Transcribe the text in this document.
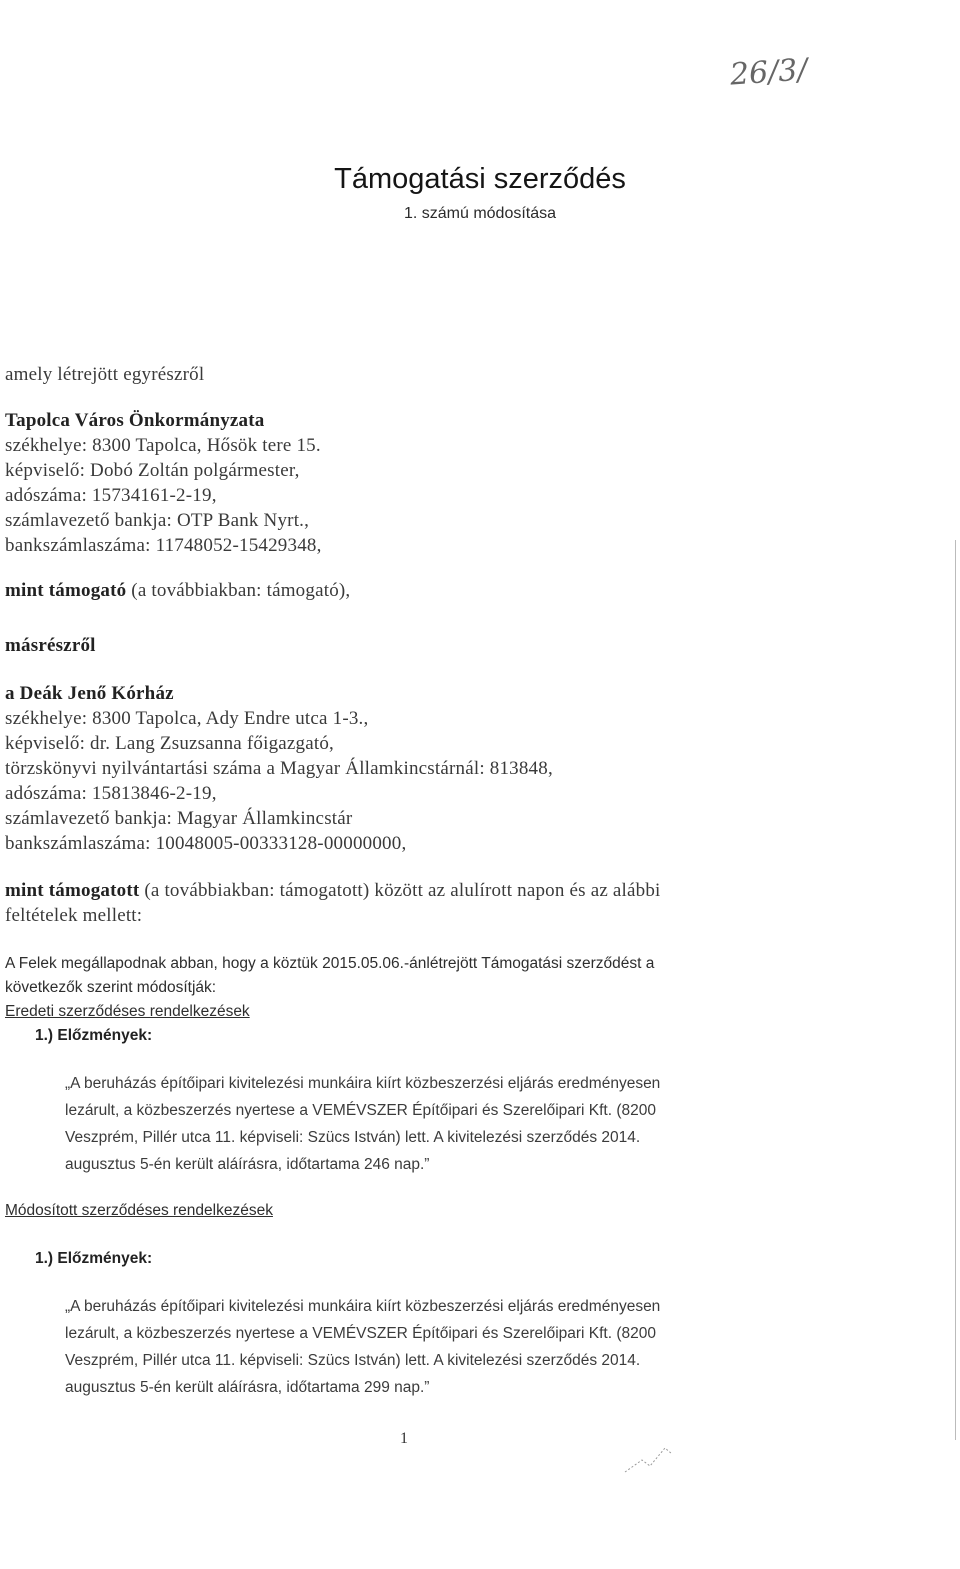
26/3/
Támogatási szerződés
1. számú módosítása
amely létrejött egyrészről
Tapolca Város Önkormányzata
székhelye: 8300 Tapolca, Hősök tere 15.
képviselő: Dobó Zoltán polgármester,
adószáma: 15734161-2-19,
számlavezető bankja: OTP Bank Nyrt.,
bankszámlaszáma: 11748052-15429348,
mint támogató (a továbbiakban: támogató),
másrészről
a Deák Jenő Kórház
székhelye: 8300 Tapolca, Ady Endre utca 1-3.,
képviselő: dr. Lang Zsuzsanna főigazgató,
törzskönyvi nyilvántartási száma a Magyar Államkincstárnál: 813848,
adószáma: 15813846-2-19,
számlavezető bankja: Magyar Államkincstár
bankszámlaszáma: 10048005-00333128-00000000,
mint támogatott (a továbbiakban: támogatott) között az alulírott napon és az alábbi
feltételek mellett:
A Felek megállapodnak abban, hogy a köztük 2015.05.06.-ánlétrejött Támogatási szerződést a
következők szerint módosítják:
Eredeti szerződéses rendelkezések
1.) Előzmények:
„A beruházás építőipari kivitelezési munkáira kiírt közbeszerzési eljárás eredményesen
lezárult, a közbeszerzés nyertese a VEMÉVSZER Építőipari és Szerelőipari Kft. (8200
Veszprém, Pillér utca 11. képviseli: Szücs István) lett. A kivitelezési szerződés 2014.
augusztus 5-én került aláírásra, időtartama 246 nap.”
Módosított szerződéses rendelkezések
1.) Előzmények:
„A beruházás építőipari kivitelezési munkáira kiírt közbeszerzési eljárás eredményesen
lezárult, a közbeszerzés nyertese a VEMÉVSZER Építőipari és Szerelőipari Kft. (8200
Veszprém, Pillér utca 11. képviseli: Szücs István) lett. A kivitelezési szerződés 2014.
augusztus 5-én került aláírásra, időtartama 299 nap.”
1
